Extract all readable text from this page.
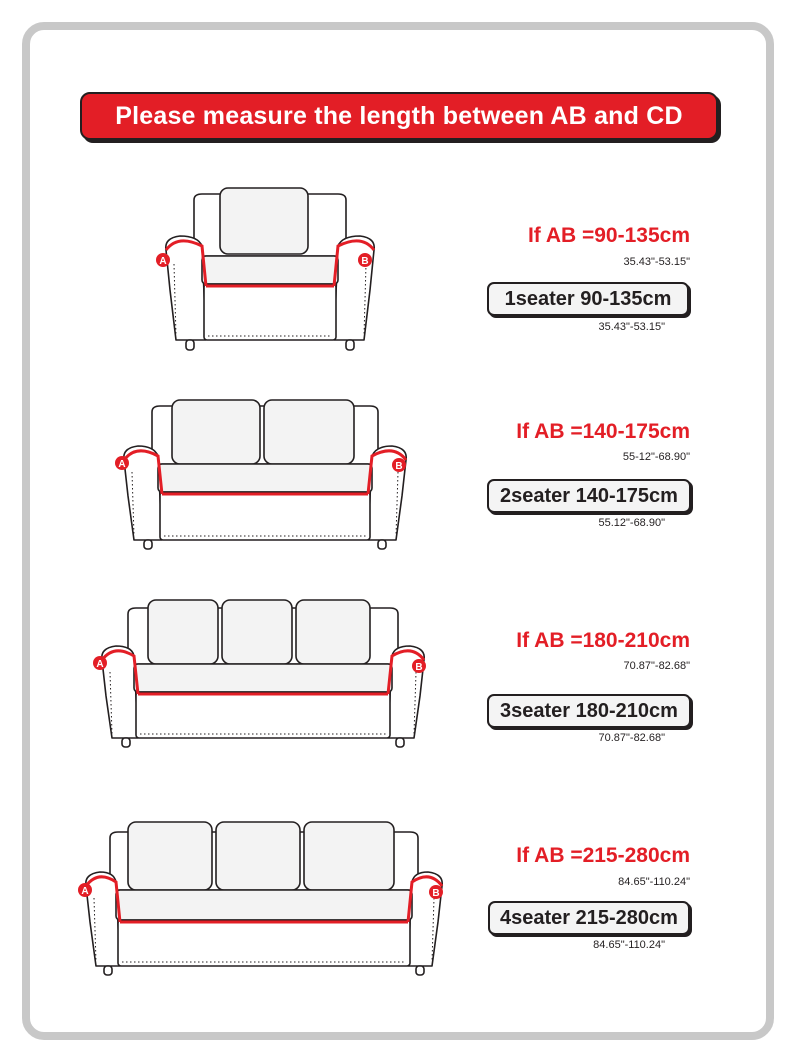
Please measure the length between AB and CD
A	B
If AB =90-135cm
35.43"-53.15"
1seater 90-135cm
35.43"-53.15"
A	B
If AB =140-175cm
55-12"-68.90"
2seater 140-175cm
55.12"-68.90"
A	B
If AB =180-210cm
70.87"-82.68"
3seater 180-210cm
70.87"-82.68"
A	B
If AB =215-280cm
84.65"-110.24"
4seater 215-280cm
84.65"-110.24"
